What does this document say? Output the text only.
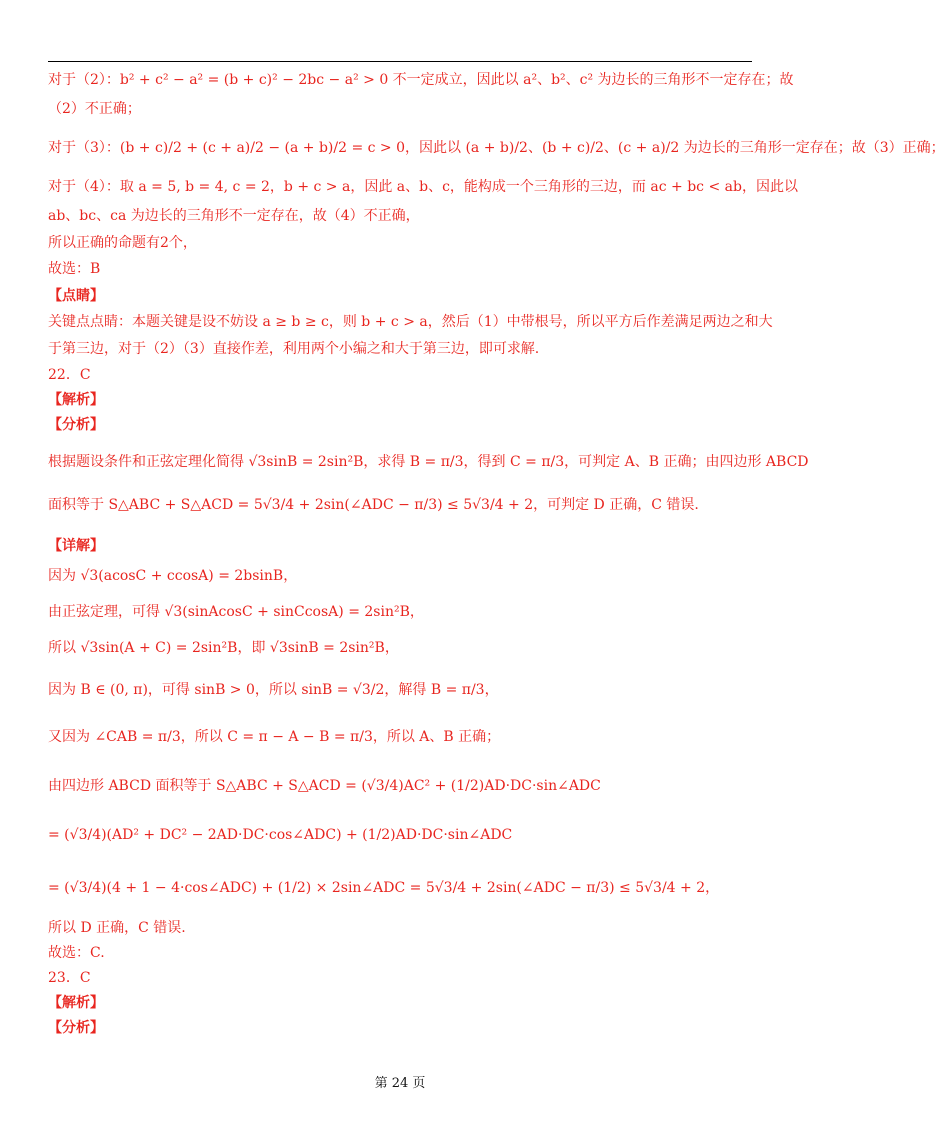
对于（2）：b² + c² − a² = (b + c)² − 2bc − a² > 0 不一定成立，因此以 a²、b²、c² 为边长的三角形不一定存在；故
（2）不正确；
对于（3）：(b + c)/2 + (c + a)/2 − (a + b)/2 = c > 0，因此以 (a + b)/2、(b + c)/2、(c + a)/2 为边长的三角形一定存在；故（3）正确；
对于（4）：取 a = 5, b = 4, c = 2，b + c > a，因此 a、b、c，能构成一个三角形的三边，而 ac + bc < ab，因此以
ab、bc、ca 为边长的三角形不一定存在，故（4）不正确，
所以正确的命题有2个，
故选：B
【点睛】
关键点点睛：本题关键是设不妨设 a ≥ b ≥ c，则 b + c > a，然后（1）中带根号，所以平方后作差满足两边之和大
于第三边，对于（2）（3）直接作差，利用两个小编之和大于第三边，即可求解.
22．C
【解析】
【分析】
根据题设条件和正弦定理化简得 √3sinB = 2sin²B，求得 B = π/3，得到 C = π/3，可判定 A、B 正确；由四边形 ABCD
面积等于 S△ABC + S△ACD = 5√3/4 + 2sin(∠ADC − π/3) ≤ 5√3/4 + 2，可判定 D 正确，C 错误.
【详解】
因为 √3(acosC + ccosA) = 2bsinB，
由正弦定理，可得 √3(sinAcosC + sinCcosA) = 2sin²B，
所以 √3sin(A + C) = 2sin²B，即 √3sinB = 2sin²B，
因为 B ∈ (0, π)，可得 sinB > 0，所以 sinB = √3/2，解得 B = π/3，
又因为 ∠CAB = π/3，所以 C = π − A − B = π/3，所以 A、B 正确；
由四边形 ABCD 面积等于 S△ABC + S△ACD = (√3/4)AC² + (1/2)AD·DC·sin∠ADC
= (√3/4)(AD² + DC² − 2AD·DC·cos∠ADC) + (1/2)AD·DC·sin∠ADC
= (√3/4)(4 + 1 − 4·cos∠ADC) + (1/2) × 2sin∠ADC = 5√3/4 + 2sin(∠ADC − π/3) ≤ 5√3/4 + 2，
所以 D 正确，C 错误.
故选：C.
23．C
【解析】
【分析】
第 24 页
